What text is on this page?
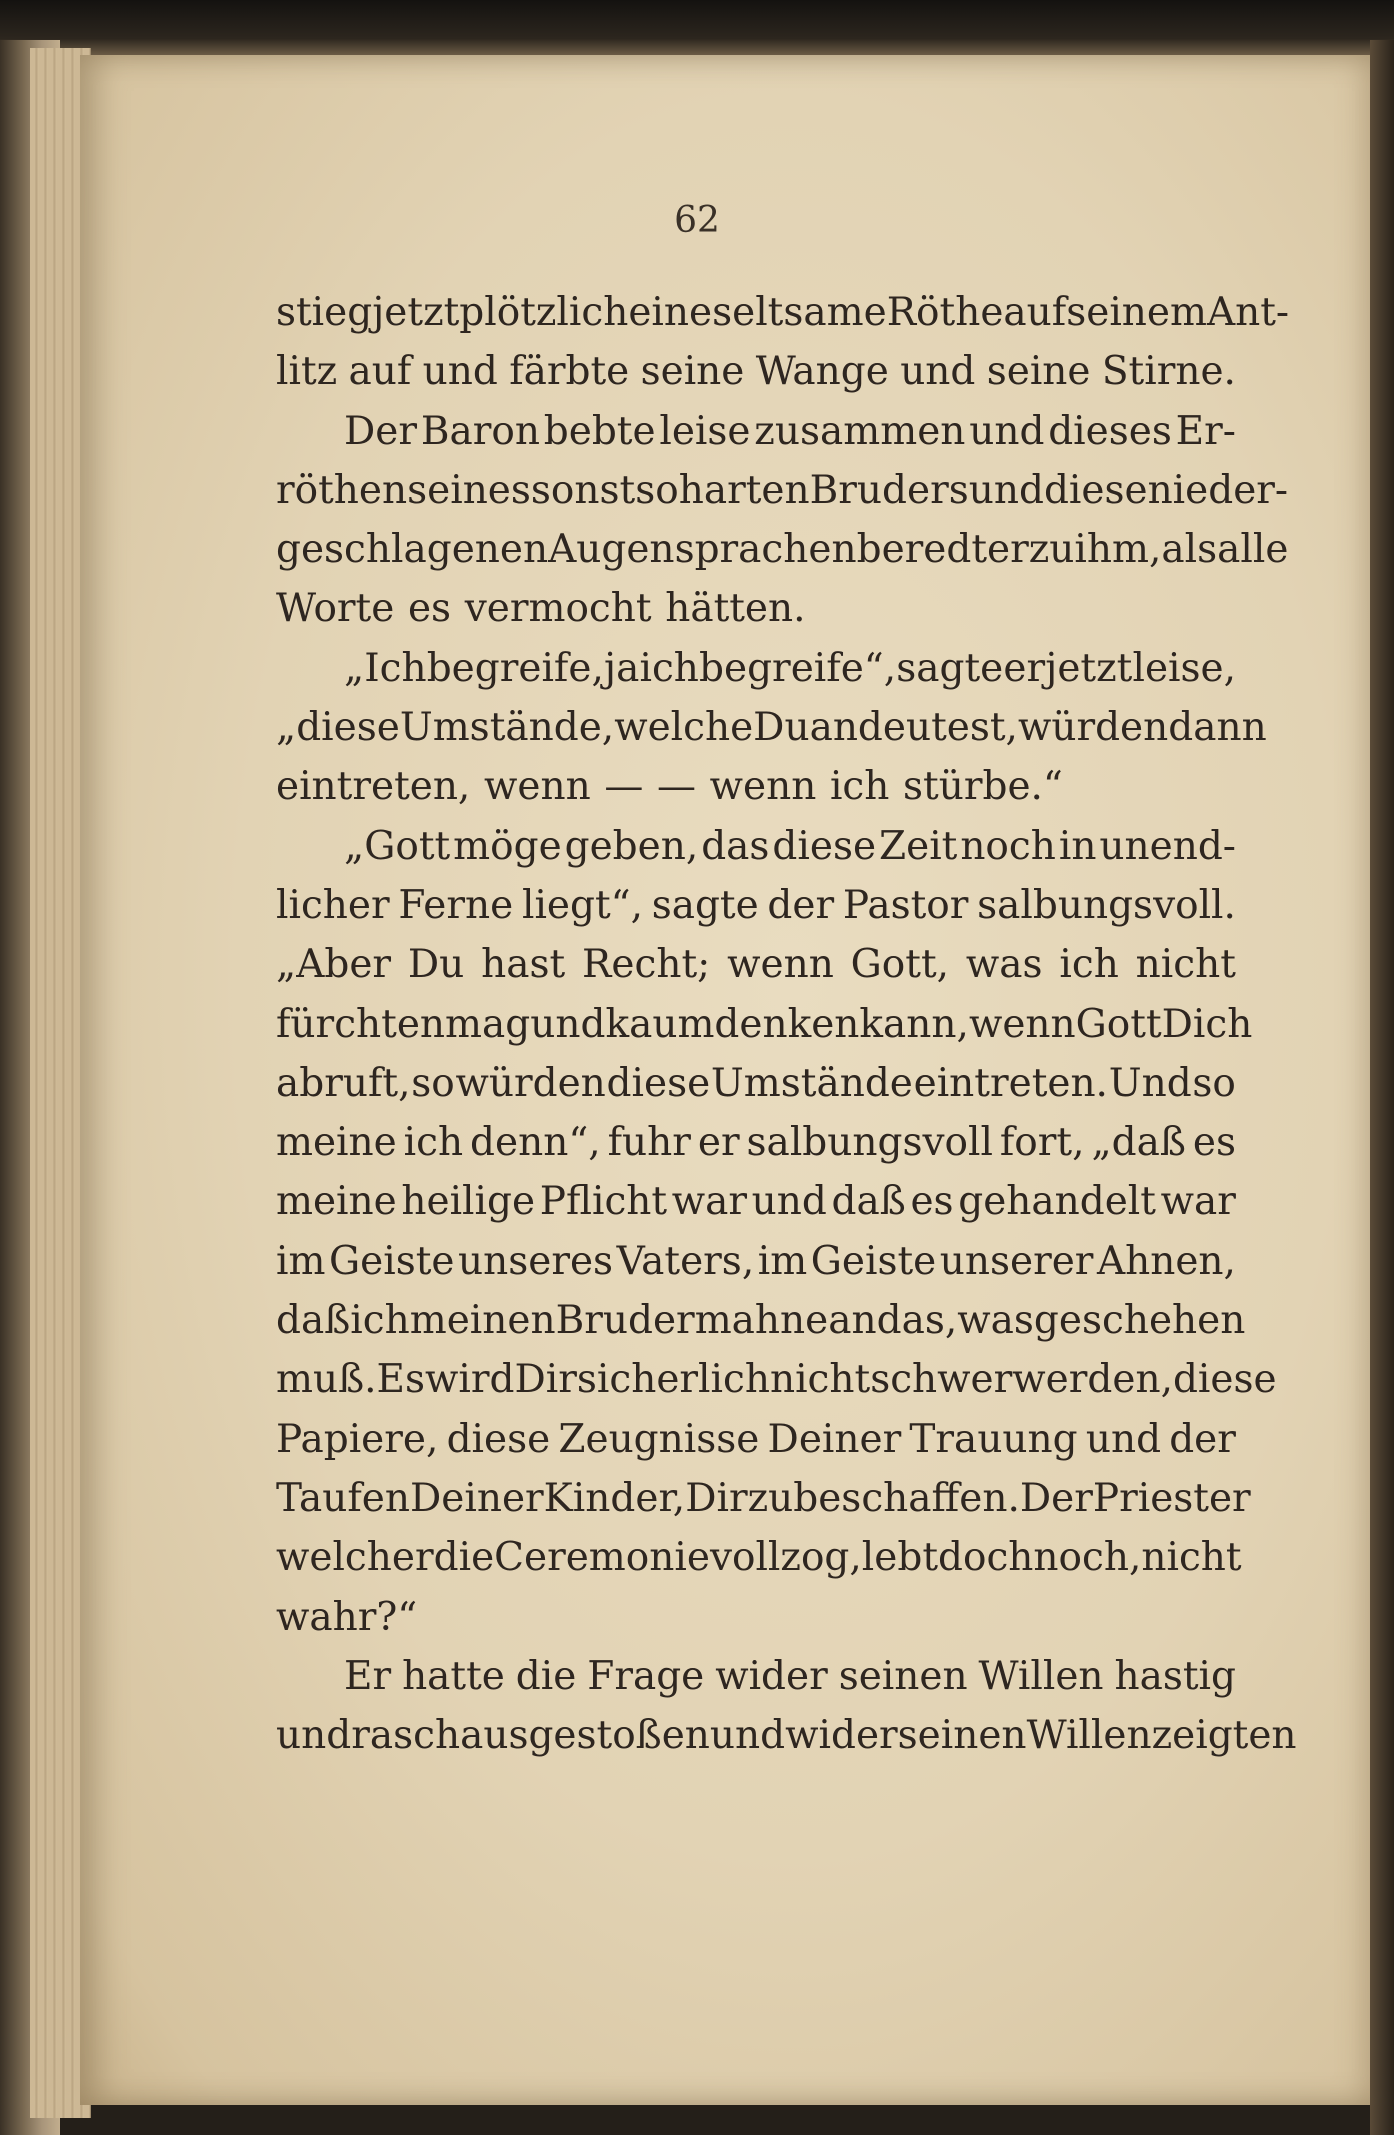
62
stieg jetzt plötzlich eine seltsame Röthe auf seinem Ant-
litz auf und färbte seine Wange und seine Stirne.
Der Baron bebte leise zusammen und dieses Er-
röthen seines sonst so harten Bruders und diese nieder-
geschlagenen Augen sprachen beredter zu ihm, als alle
Worte es vermocht hätten.
„Ich begreife, ja ich begreife“, sagte er jetzt leise,
„diese Umstände, welche Du andeutest, würden dann
eintreten, wenn — — wenn ich stürbe.“
„Gott möge geben, das diese Zeit noch in unend-
licher Ferne liegt“, sagte der Pastor salbungsvoll.
„Aber Du hast Recht; wenn Gott, was ich nicht
fürchten mag und kaum denken kann, wenn Gott Dich
abruft, so würden diese Umstände eintreten. Und so
meine ich denn“, fuhr er salbungsvoll fort, „daß es
meine heilige Pflicht war und daß es gehandelt war
im Geiste unseres Vaters, im Geiste unserer Ahnen,
daß ich meinen Bruder mahne an das, was geschehen
muß. Es wird Dir sicherlich nicht schwer werden, diese
Papiere, diese Zeugnisse Deiner Trauung und der
Taufen Deiner Kinder, Dir zu beschaffen. Der Priester
welcher die Ceremonie vollzog, lebt doch noch, nicht
wahr?“
Er hatte die Frage wider seinen Willen hastig
und rasch ausgestoßen und wider seinen Willen zeigten
